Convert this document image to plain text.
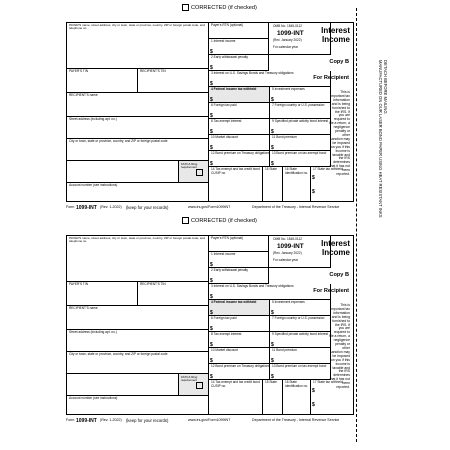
CORRECTED (if checked)
PAYER'S name, street address, city or town, state or province, country, ZIP or foreign postal code, and telephone no.
PAYER'S TIN	RECIPIENT'S TIN
RECIPIENT'S name
Street address (including apt. no.)
City or town, state or province, country, and ZIP or foreign postal code
FATCA filing requirement
Account number (see instructions)
Payer's RTN (optional)
1 Interest income
$
2 Early withdrawal penalty
$
3 Interest on U.S. Savings Bonds and Treasury obligations
$
4 Federal income tax withheld
$
5 Investment expenses
$
6 Foreign tax paid
$
7 Foreign country or U.S. possession
8 Tax-exempt interest
$
9 Specified private activity bond interest
$
10 Market discount
$
11 Bond premium
$
12 Bond premium on Treasury obligations
$
13 Bond premium on tax-exempt bond
$
14 Tax-exempt and tax credit bond CUSIP no.
15 State	16 State identification no.
17 State tax withheld
$
$
OMB No. 1545-0112
1099-INT
(Rev. January 2022)
For calendar year
Interest Income
Copy B
For Recipient
This is important tax information and is being furnished to the IRS. If you are required to file a return, a negligence penalty or other sanction may be imposed on you if this income is taxable and the IRS determines that it has not been reported.
Form 1099-INT (Rev. 1-2022) (keep for your records)	www.irs.gov/Form1099INT	Department of the Treasury - Internal Revenue Service
CORRECTED (if checked)
PAYER'S name, street address, city or town, state or province, country, ZIP or foreign postal code, and telephone no.
PAYER'S TIN	RECIPIENT'S TIN
RECIPIENT'S name
Street address (including apt. no.)
City or town, state or province, country, and ZIP or foreign postal code
FATCA filing requirement
Account number (see instructions)
Payer's RTN (optional)
1 Interest income
$
2 Early withdrawal penalty
$
3 Interest on U.S. Savings Bonds and Treasury obligations
$
4 Federal income tax withheld
$
5 Investment expenses
$
6 Foreign tax paid
$
7 Foreign country or U.S. possession
8 Tax-exempt interest
$
9 Specified private activity bond interest
$
10 Market discount
$
11 Bond premium
$
12 Bond premium on Treasury obligations
$
13 Bond premium on tax-exempt bond
$
14 Tax-exempt and tax credit bond CUSIP no.
15 State	16 State identification no.
17 State tax withheld
$
$
OMB No. 1545-0112
1099-INT
(Rev. January 2022)
For calendar year
Interest Income
Copy B
For Recipient
This is important tax information and is being furnished to the IRS. If you are required to file a return, a negligence penalty or other sanction may be imposed on you if this income is taxable and the IRS determines that it has not been reported.
Form 1099-INT (Rev. 1-2022) (keep for your records)	www.irs.gov/Form1099INT	Department of the Treasury - Internal Revenue Service
DETACH BEFORE MAILING
MANUFACTURED ON OUR LASER BOND PAPER USING HEAT RESISTANT INKS
